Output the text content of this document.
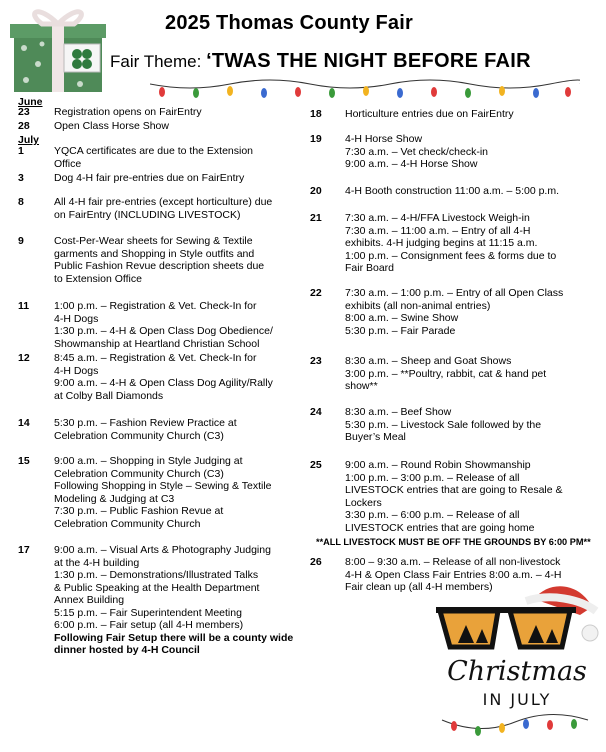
2025 Thomas County Fair
Fair Theme: ‘TWAS THE NIGHT BEFORE FAIR
June
July
23	Registration opens on FairEntry
28	Open Class Horse Show
1	YQCA certificates are due to the Extension
Office
3	Dog 4-H fair pre-entries due on FairEntry
8	All 4-H fair pre-entries (except horticulture) due
on FairEntry (INCLUDING LIVESTOCK)
9	Cost-Per-Wear sheets for Sewing & Textile
garments and Shopping in Style outfits and
Public Fashion Revue description sheets due
to Extension Office
11	1:00 p.m. – Registration & Vet. Check-In for
4-H Dogs
1:30 p.m. – 4-H & Open Class Dog Obedience/
Showmanship at Heartland Christian School
12	8:45 a.m. – Registration & Vet. Check-In for
4-H Dogs
9:00 a.m. – 4-H & Open Class Dog Agility/Rally
at Colby Ball Diamonds
14	5:30 p.m. – Fashion Review Practice at
Celebration Community Church (C3)
15	9:00 a.m. – Shopping in Style Judging at
Celebration Community Church (C3)
Following Shopping in Style – Sewing & Textile
Modeling & Judging at C3
7:30 p.m. – Public Fashion Revue at
Celebration Community Church
17	9:00 a.m. – Visual Arts & Photography Judging
at the 4-H building
1:30 p.m. – Demonstrations/Illustrated Talks
& Public Speaking at the Health Department
Annex Building
5:15 p.m. – Fair Superintendent Meeting
6:00 p.m. – Fair setup (all 4-H members)
Following Fair Setup there will be a county wide
dinner hosted by 4-H Council
18	Horticulture entries due on FairEntry
19	4-H Horse Show
7:30 a.m. – Vet check/check-in
9:00 a.m. – 4-H Horse Show
20	4-H Booth construction 11:00 a.m. – 5:00 p.m.
21	7:30 a.m. – 4-H/FFA Livestock Weigh-in
7:30 a.m. – 11:00 a.m. – Entry of all 4-H
exhibits. 4-H judging begins at 11:15 a.m.
1:00 p.m. – Consignment fees & forms due to
Fair Board
22	7:30 a.m. – 1:00 p.m. – Entry of all Open Class
exhibits (all non-animal entries)
8:00 a.m. – Swine Show
5:30 p.m. – Fair Parade
23	8:30 a.m. – Sheep and Goat Shows
3:00 p.m. – **Poultry, rabbit, cat & hand pet
show**
24	8:30 a.m. – Beef Show
5:30 p.m. – Livestock Sale followed by the
Buyer’s Meal
25	9:00 a.m. – Round Robin Showmanship
1:00 p.m. – 3:00 p.m. – Release of all
LIVESTOCK entries that are going to Resale &
Lockers
3:30 p.m. – 6:00 p.m. – Release of all
LIVESTOCK entries that are going home
26	8:00 – 9:30 a.m. – Release of all non-livestock
4-H & Open Class Fair Entries 8:00 a.m. – 4-H
Fair clean up (all 4-H members)
**ALL LIVESTOCK MUST BE OFF THE GROUNDS BY 6:00 PM**
Christmas
IN JULY
